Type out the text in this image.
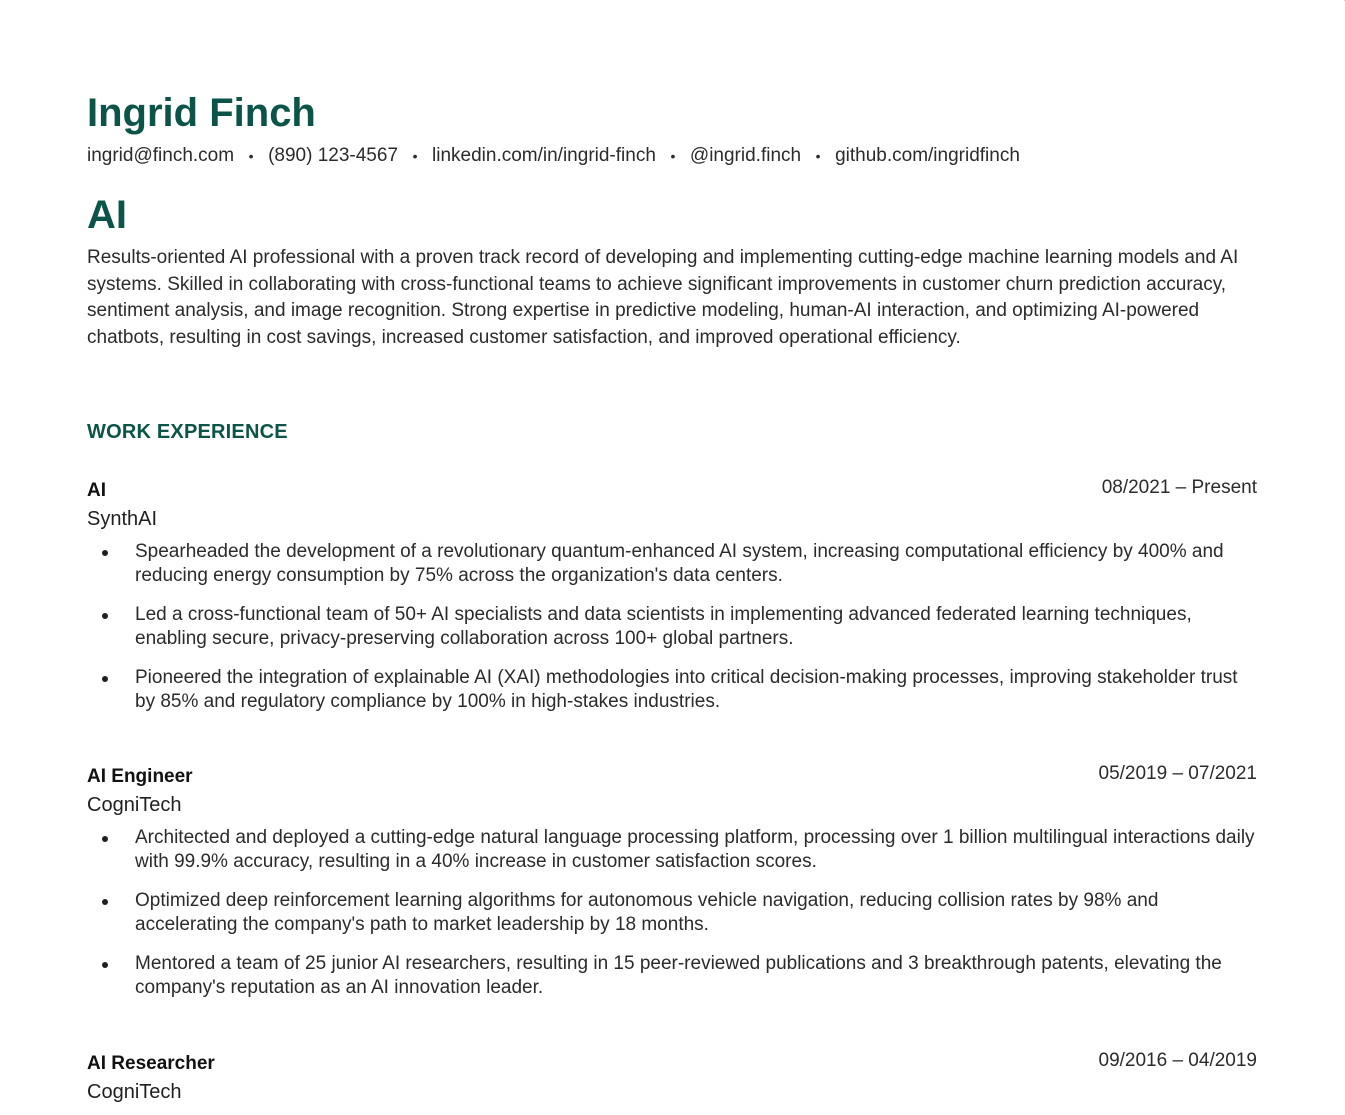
Ingrid Finch
ingrid@finch.com	• (890) 123-4567	• linkedin.com/in/ingrid-finch	• @ingrid.finch	• github.com/ingridfinch
AI

Results-oriented AI professional with a proven track record of developing and implementing cutting-edge machine learning models and AI systems. Skilled in collaborating with cross-functional teams to achieve significant improvements in customer churn prediction accuracy, sentiment analysis, and image recognition. Strong expertise in predictive modeling, human-AI interaction, and optimizing AI-powered chatbots, resulting in cost savings, increased customer satisfaction, and improved operational efficiency.

WORK EXPERIENCE
AI	08/2021 – Present
SynthAI
Spearheaded the development of a revolutionary quantum-enhanced AI system, increasing computational efficiency by 400% and reducing energy consumption by 75% across the organization's data centers.
Led a cross-functional team of 50+ AI specialists and data scientists in implementing advanced federated learning techniques, enabling secure, privacy-preserving collaboration across 100+ global partners.
Pioneered the integration of explainable AI (XAI) methodologies into critical decision-making processes, improving stakeholder trust by 85% and regulatory compliance by 100% in high-stakes industries.
AI Engineer	05/2019 – 07/2021
CogniTech
Architected and deployed a cutting-edge natural language processing platform, processing over 1 billion multilingual interactions daily with 99.9% accuracy, resulting in a 40% increase in customer satisfaction scores.
Optimized deep reinforcement learning algorithms for autonomous vehicle navigation, reducing collision rates by 98% and accelerating the company's path to market leadership by 18 months.
Mentored a team of 25 junior AI researchers, resulting in 15 peer-reviewed publications and 3 breakthrough patents, elevating the company's reputation as an AI innovation leader.
AI Researcher	09/2016 – 04/2019
CogniTech
